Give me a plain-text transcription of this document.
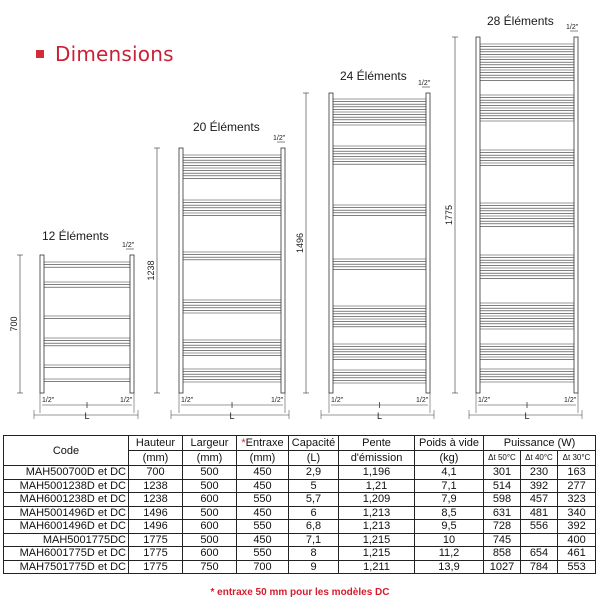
Dimensions
1/2"
12 Éléments
700
1/2"	1/2"
l
L
1/2"
20 Éléments
1238
1/2"	1/2"
l
L
1/2"
24 Éléments
1496
1/2"	1/2"
l
L
1/2"
28 Éléments
1775
1/2"	1/2"
l
L
Code	Hauteur	Largeur	*Entraxe	Capacité	Pente	Poids à vide	Puissance (W)		
	(mm)	(mm)	(mm)	(L)	d'émission	(kg)	Δt 50°C	Δt 40°C	Δt 30°C
MAH500700D et DC	700	500	450	2,9	1,196	4,1	301	230	163
MAH5001238D et DC	1238	500	450	5	1,21	7,1	514	392	277
MAH6001238D et DC	1238	600	550	5,7	1,209	7,9	598	457	323
MAH5001496D et DC	1496	500	450	6	1,213	8,5	631	481	340
MAH6001496D et DC	1496	600	550	6,8	1,213	9,5	728	556	392
MAH5001775DC	1775	500	450	7,1	1,215	10	745		400
MAH6001775D et DC	1775	600	550	8	1,215	11,2	858	654	461
MAH7501775D et DC	1775	750	700	9	1,211	13,9	1027	784	553
* entraxe 50 mm pour les modèles DC
